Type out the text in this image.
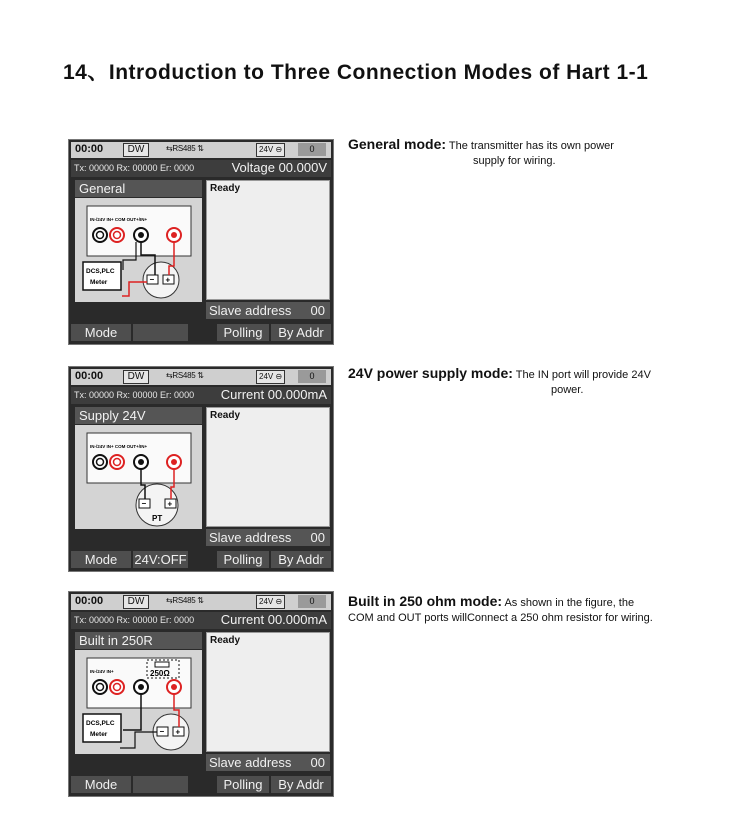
14、Introduction to Three Connection Modes of Hart 1-1
00:00	DW	⇆RS485 ⇅	24V ⊖	0
Tx: 00000 Rx: 00000 Er: 0000	Voltage 00.000V
General
IN-/24V IN+ COM OUT+/IN+
− +
DCS,PLC
Meter
Ready
Slave address 00
Mode	Polling	By Addr
General mode: The transmitter has its own power
supply for wiring.
00:00	DW	⇆RS485 ⇅	24V ⊖	0
Tx: 00000 Rx: 00000 Er: 0000 Current 00.000mA
Supply 24V
IN-/24V IN+ COM OUT+/IN+
−	+
PT
Ready
Slave address 00
Mode	24V:OFF	Polling	By Addr
24V power supply mode: The IN port will provide 24V
power.
00:00	DW	⇆RS485 ⇅	24V ⊖	0
Tx: 00000 Rx: 00000 Er: 0000 Current 00.000mA
Built in 250R
IN-/24V IN+	250Ω
− +
DCS,PLC
Meter
Ready
Slave address 00
Mode	Polling	By Addr
Built in 250 ohm mode: As shown in the figure, the
COM and OUT ports willConnect a 250 ohm resistor for wiring.
